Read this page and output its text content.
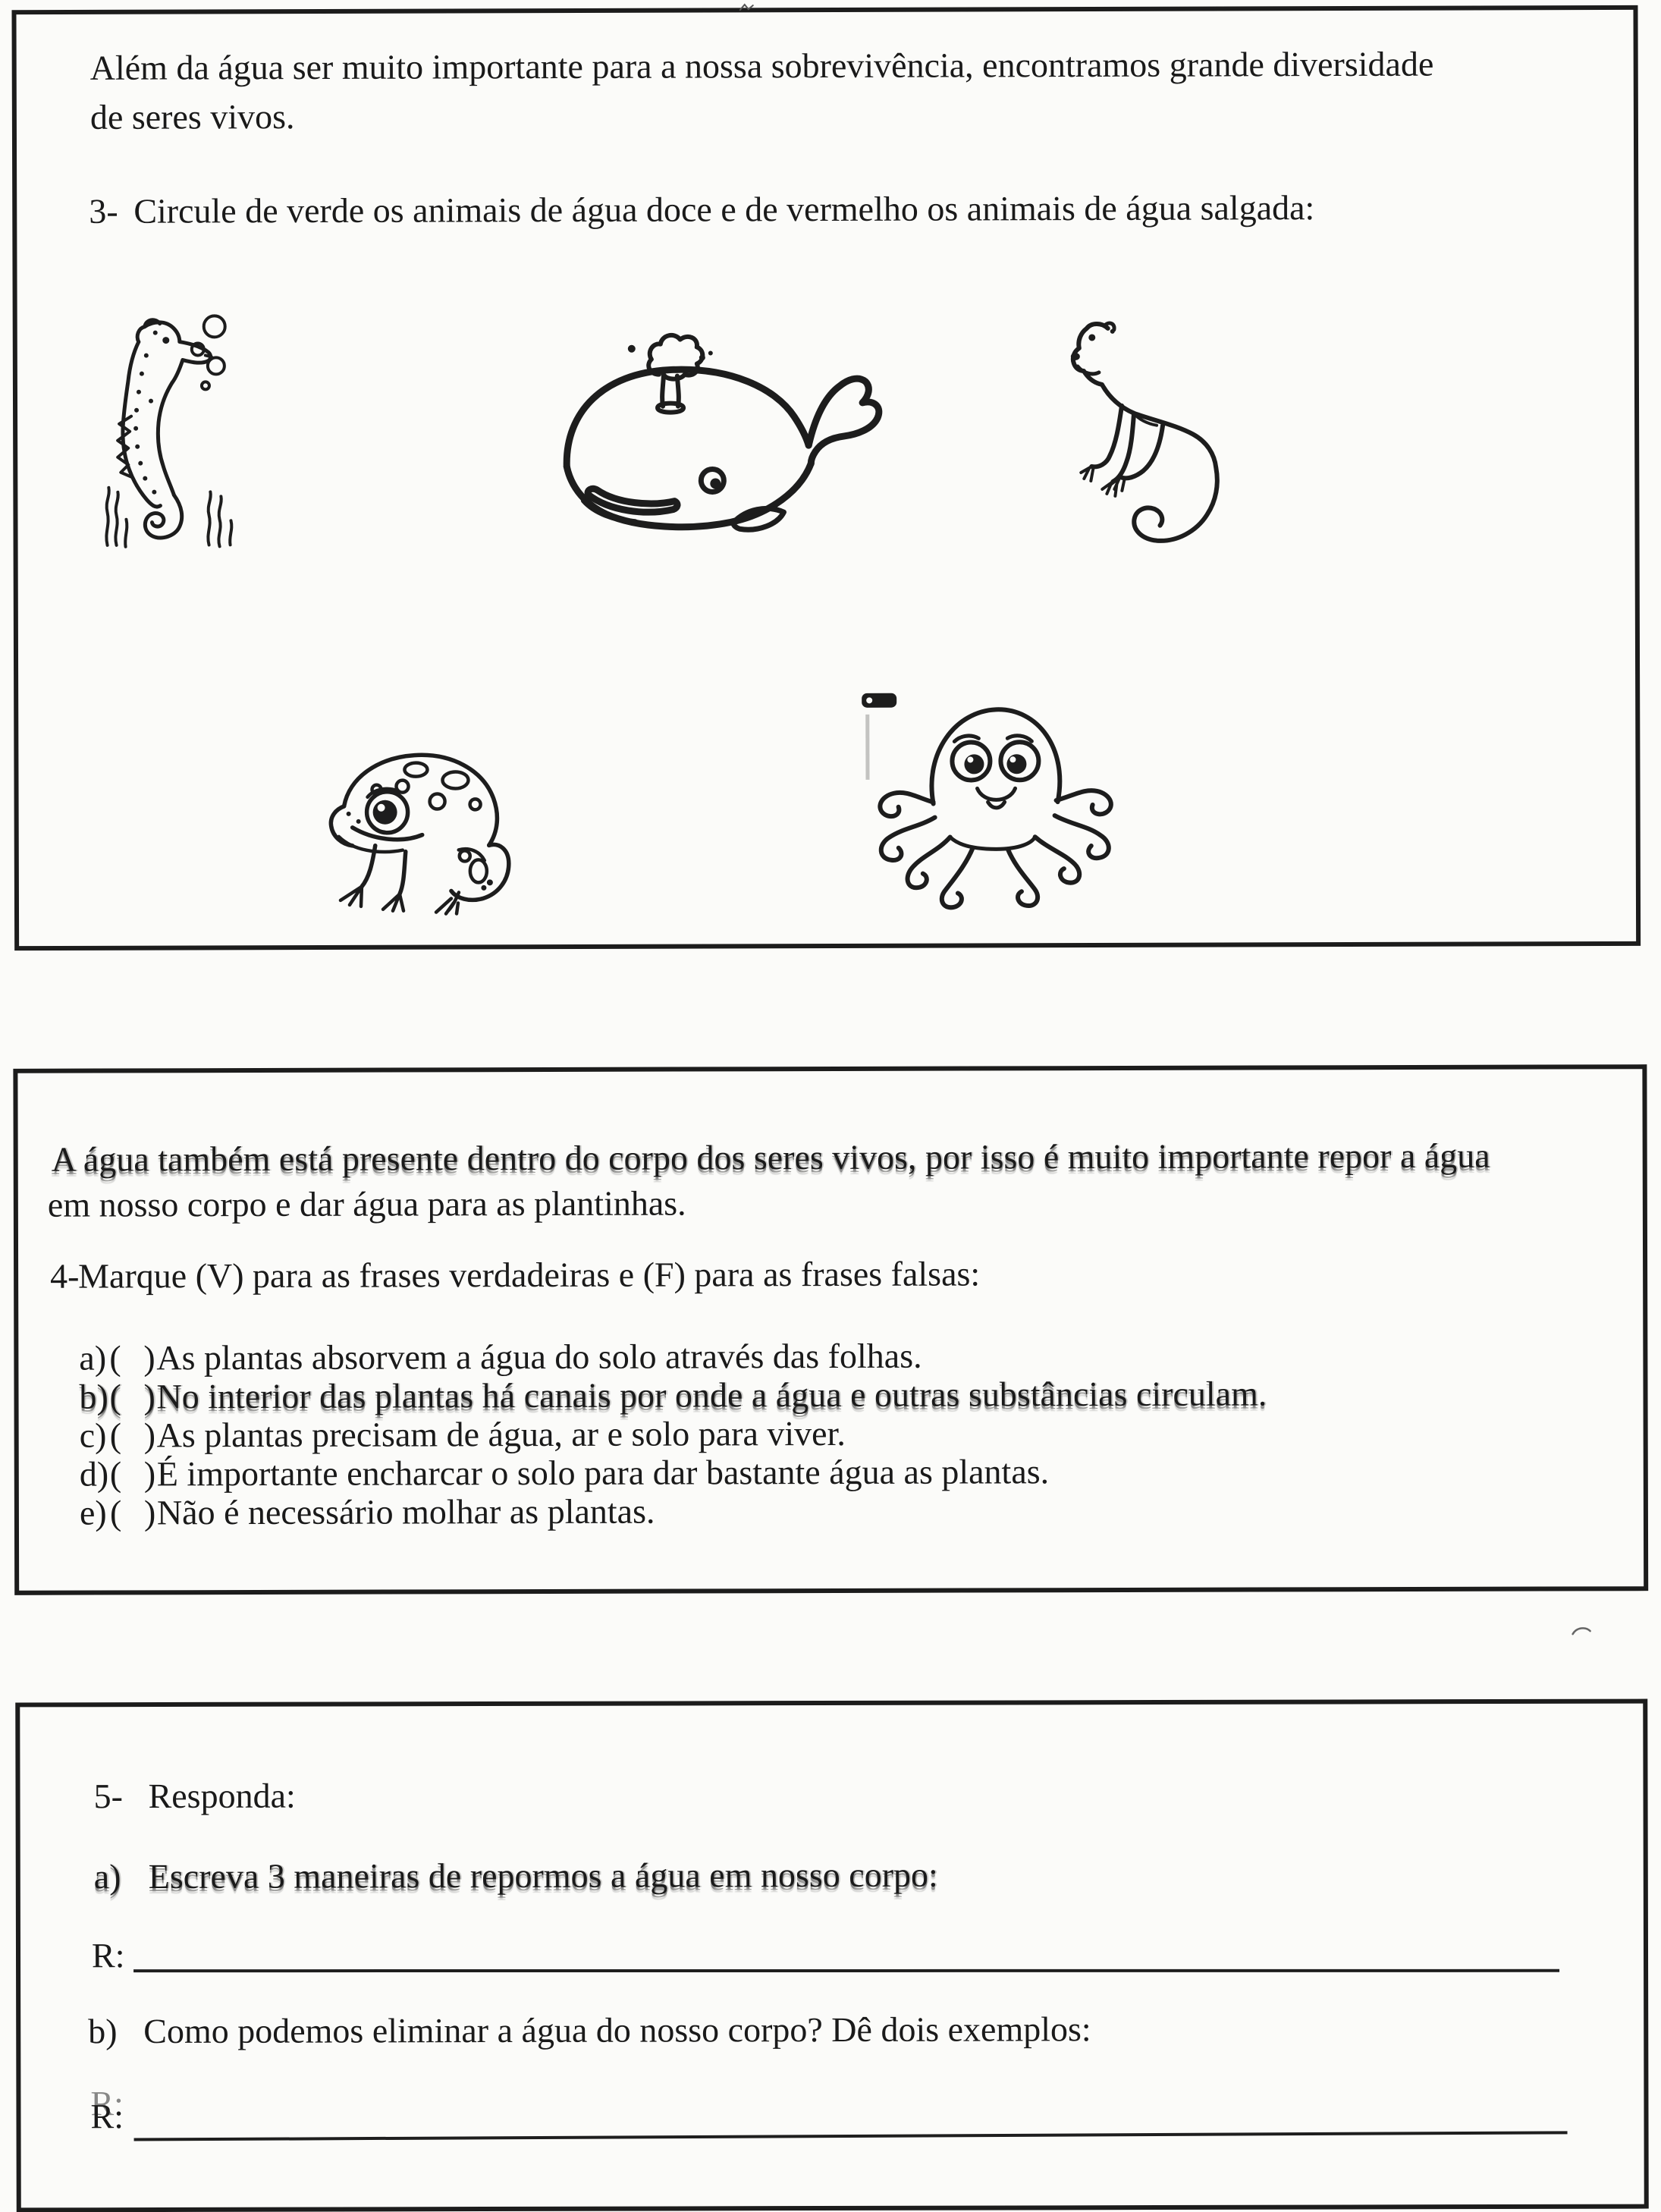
Além da água ser muito importante para a nossa sobrevivência, encontramos grande diversidade
de seres vivos.
3- Circule de verde os animais de água doce e de vermelho os animais de água salgada:
A água também está presente dentro do corpo dos seres vivos, por isso é muito importante repor a água
em nosso corpo e dar água para as plantinhas.
4-
Marque (V) para as frases verdadeiras e (F) para as frases falsas:
a) ( ) As plantas absorvem a água do solo através das folhas.
b) ( ) No interior das plantas há canais por onde a água e outras substâncias circulam.
c) ( ) As plantas precisam de água, ar e solo para viver.
d) ( ) É importante encharcar o solo para dar bastante água as plantas.
e) ( ) Não é necessário molhar as plantas.
5- Responda:
a) Escreva 3 maneiras de repormos a água em nosso corpo:
R:
b) Como podemos eliminar a água do nosso corpo? Dê dois exemplos:
R:
